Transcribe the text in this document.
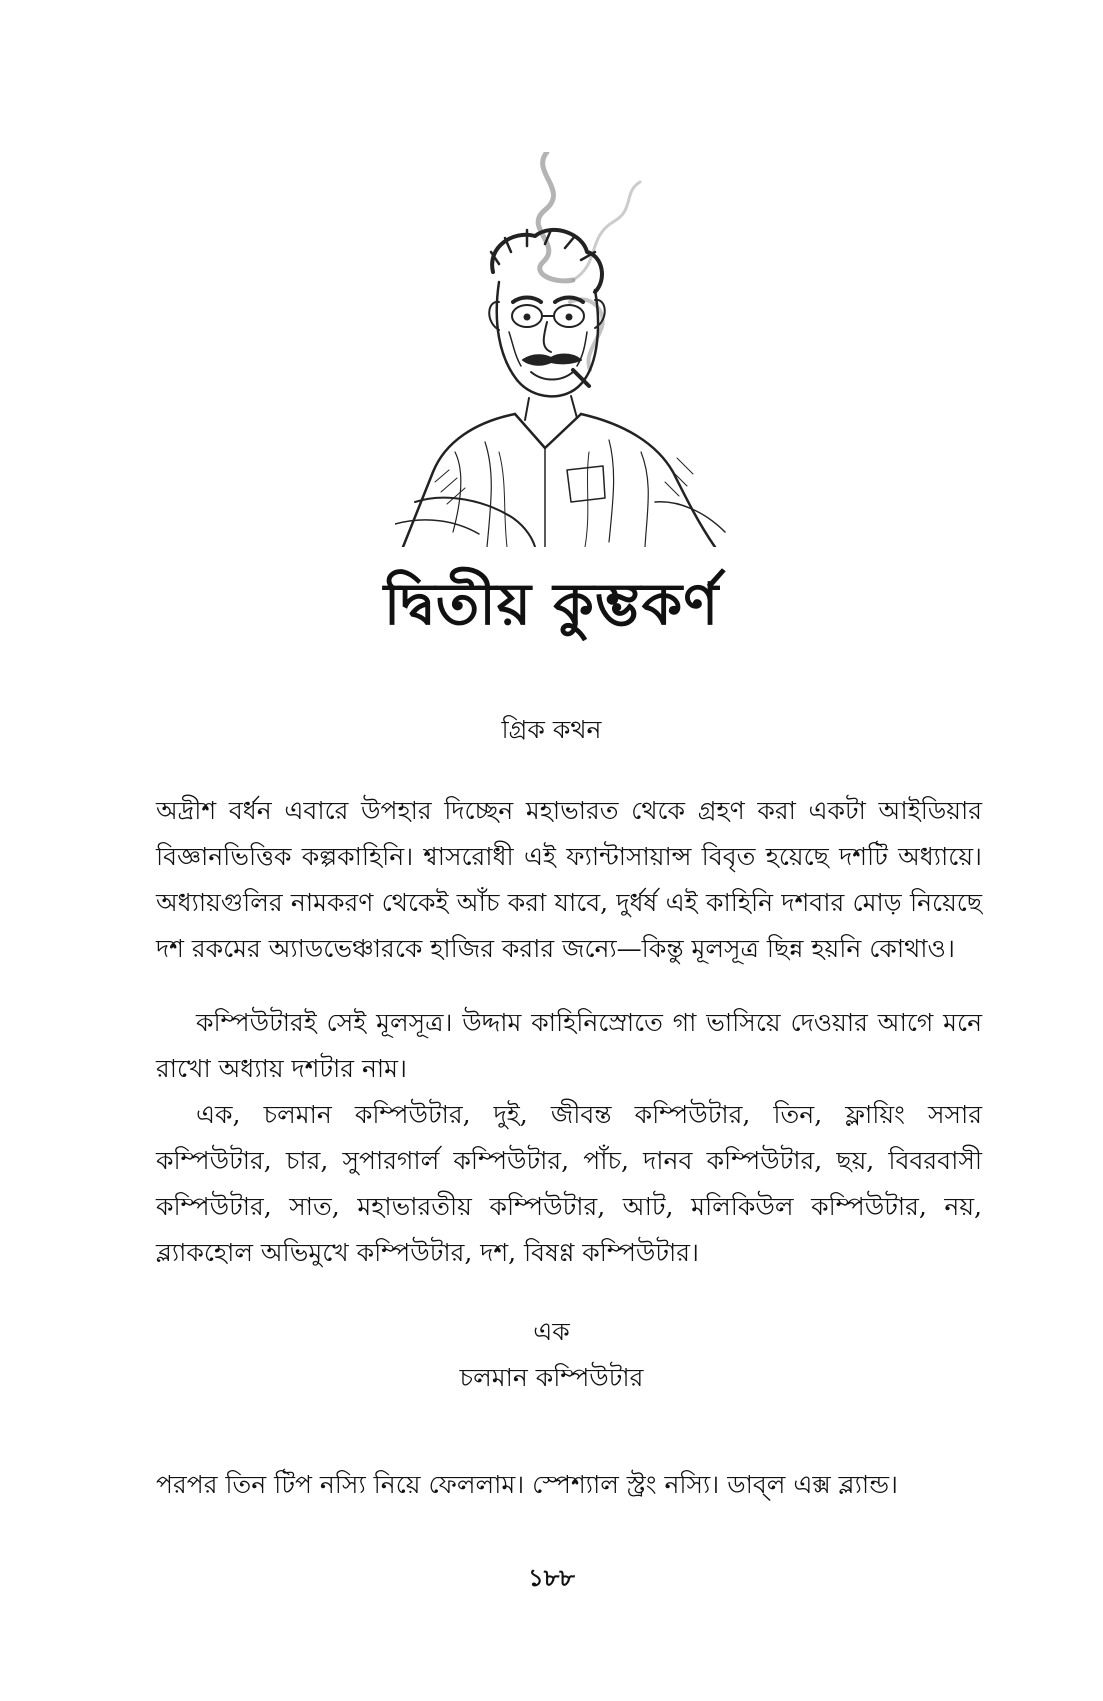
দ্বিতীয় কুম্ভকর্ণ

গ্রিক কথন

অদ্রীশ বর্ধন এবারে উপহার দিচ্ছেন মহাভারত থেকে গ্রহণ করা একটা আইডিয়ার বিজ্ঞানভিত্তিক কল্পকাহিনি। শ্বাসরোধী এই ফ্যান্টাসায়ান্স বিবৃত হয়েছে দশটি অধ্যায়ে। অধ্যায়গুলির নামকরণ থেকেই আঁচ করা যাবে, দুর্ধর্ষ এই কাহিনি দশবার মোড় নিয়েছে দশ রকমের অ্যাডভেঞ্চারকে হাজির করার জন্যে—কিন্তু মূলসূত্র ছিন্ন হয়নি কোথাও।

কম্পিউটারই সেই মূলসূত্র। উদ্দাম কাহিনিস্রোতে গা ভাসিয়ে দেওয়ার আগে মনে রাখো অধ্যায় দশটার নাম।

এক, চলমান কম্পিউটার, দুই, জীবন্ত কম্পিউটার, তিন, ফ্লায়িং সসার কম্পিউটার, চার, সুপারগার্ল কম্পিউটার, পাঁচ, দানব কম্পিউটার, ছয়, বিবরবাসী কম্পিউটার, সাত, মহাভারতীয় কম্পিউটার, আট, মলিকিউল কম্পিউটার, নয়, ব্ল্যাকহোল অভিমুখে কম্পিউটার, দশ, বিষণ্ণ কম্পিউটার।

এক

চলমান কম্পিউটার

পরপর তিন টিপ নস্যি নিয়ে ফেললাম। স্পেশ্যাল স্ট্রং নস্যি। ডাব্‌ল এক্স ব্ল্যান্ড।

১৮৮
